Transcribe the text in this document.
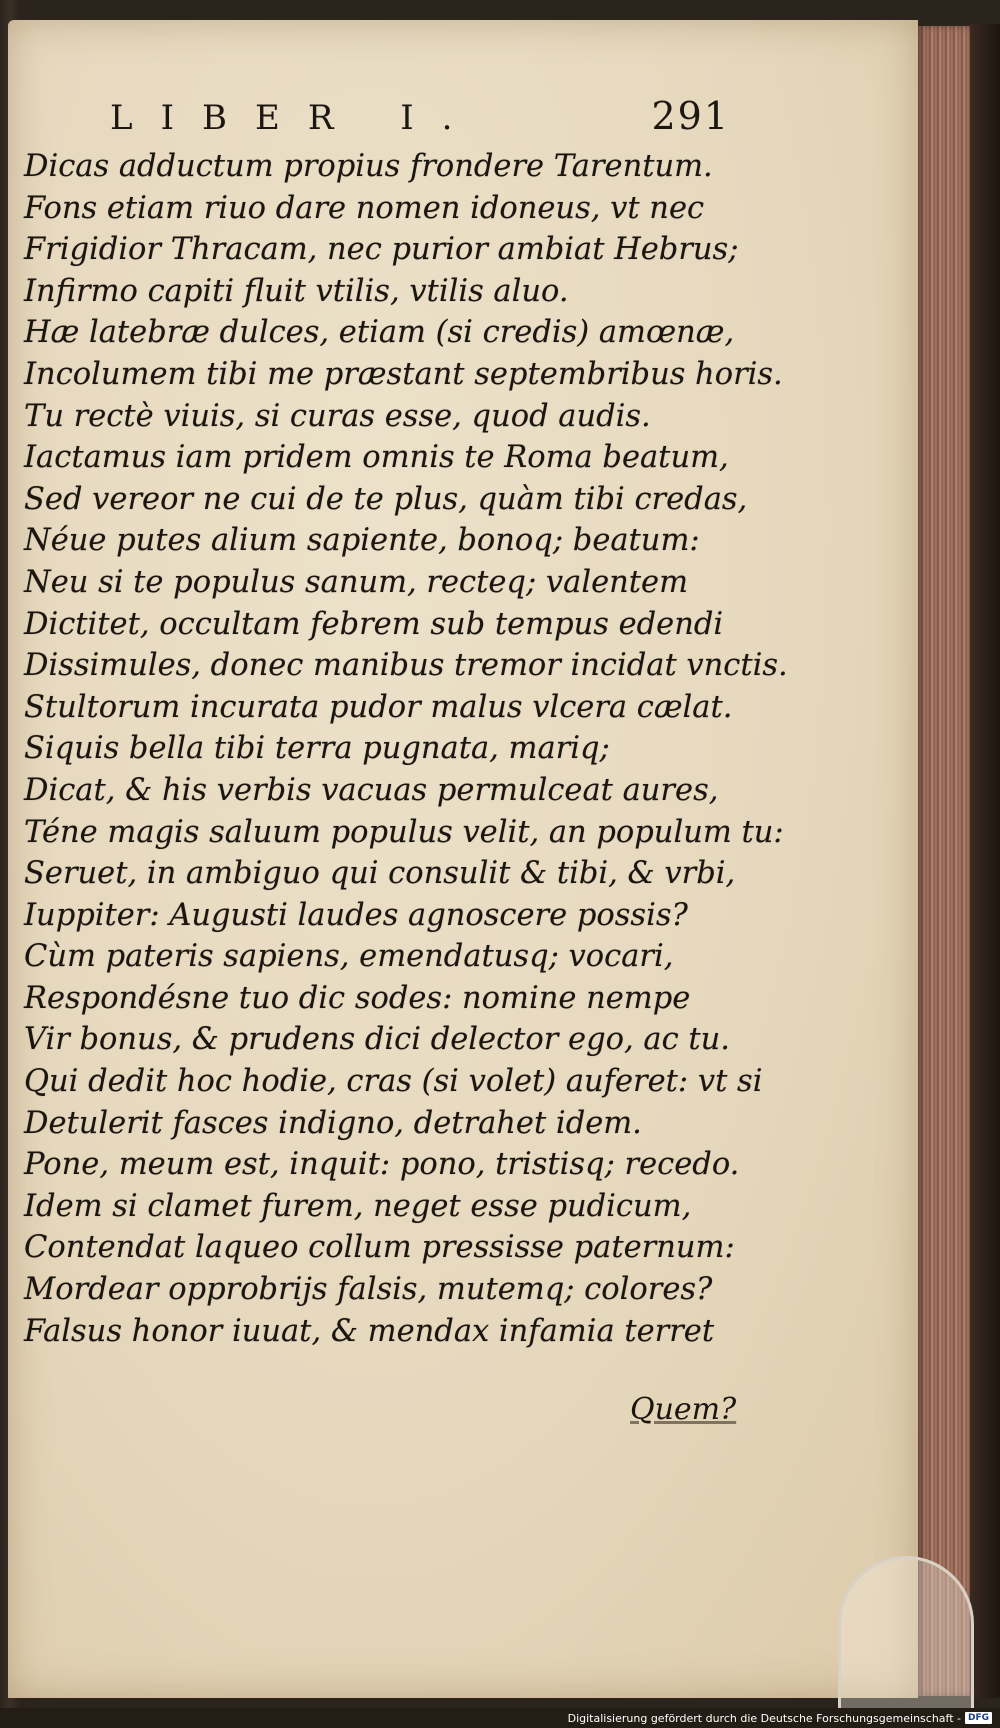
LIBER I.	291
Dicas adductum propius frondere Tarentum.
Fons etiam riuo dare nomen idoneus, vt nec
Frigidior Thracam, nec purior ambiat Hebrus;
Infirmo capiti fluit vtilis, vtilis aluo.
Hæ latebræ dulces, etiam (si credis) amœnæ,
Incolumem tibi me præstant septembribus horis.
Tu rectè viuis, si curas esse, quod audis.
Iactamus iam pridem omnis te Roma beatum,
Sed vereor ne cui de te plus, quàm tibi credas,
Néue putes alium sapiente, bonoq; beatum:
Neu si te populus sanum, recteq; valentem
Dictitet, occultam febrem sub tempus edendi
Dissimules, donec manibus tremor incidat vnctis.
Stultorum incurata pudor malus vlcera cælat.
Siquis bella tibi terra pugnata, mariq;
Dicat, & his verbis vacuas permulceat aures,
Téne magis saluum populus velit, an populum tu:
Seruet, in ambiguo qui consulit & tibi, & vrbi,
Iuppiter: Augusti laudes agnoscere possis?
Cùm pateris sapiens, emendatusq; vocari,
Respondésne tuo dic sodes: nomine nempe
Vir bonus, & prudens dici delector ego, ac tu.
Qui dedit hoc hodie, cras (si volet) auferet: vt si
Detulerit fasces indigno, detrahet idem.
Pone, meum est, inquit: pono, tristisq; recedo.
Idem si clamet furem, neget esse pudicum,
Contendat laqueo collum pressisse paternum:
Mordear opprobrijs falsis, mutemq; colores?
Falsus honor iuuat, & mendax infamia terret
Quem?
Digitalisierung gefördert durch die Deutsche Forschungsgemeinschaft - DFG
